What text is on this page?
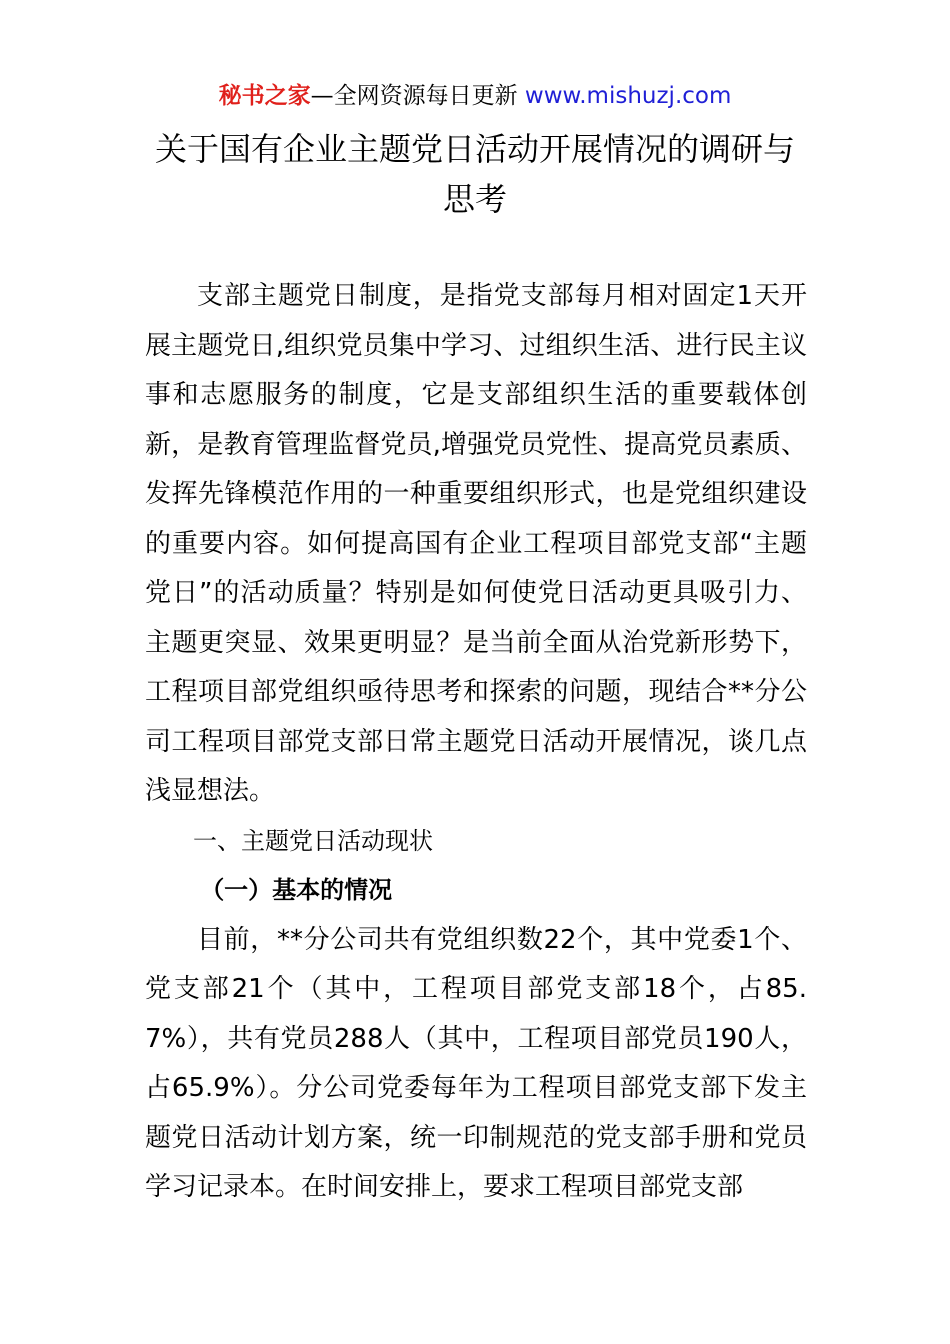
秘书之家—全网资源每日更新 www.mishuzj.com
关于国有企业主题党日活动开展情况的调研与思考

支部主题党日制度，是指党支部每月相对固定1天开展主题党日,组织党员集中学习、过组织生活、进行民主议事和志愿服务的制度，它是支部组织生活的重要载体创新，是教育管理监督党员,增强党员党性、提高党员素质、发挥先锋模范作用的一种重要组织形式，也是党组织建设的重要内容。如何提高国有企业工程项目部党支部“主题党日”的活动质量？特别是如何使党日活动更具吸引力、主题更突显、效果更明显？是当前全面从治党新形势下，工程项目部党组织亟待思考和探索的问题，现结合**分公司工程项目部党支部日常主题党日活动开展情况，谈几点浅显想法。

一、主题党日活动现状

（一）基本的情况

目前，**分公司共有党组织数22个，其中党委1个、党支部21个（其中，工程项目部党支部18个，占85.7%），共有党员288人（其中，工程项目部党员190人，占65.9%）。分公司党委每年为工程项目部党支部下发主题党日活动计划方案，统一印制规范的党支部手册和党员学习记录本。在时间安排上，要求工程项目部党支部
